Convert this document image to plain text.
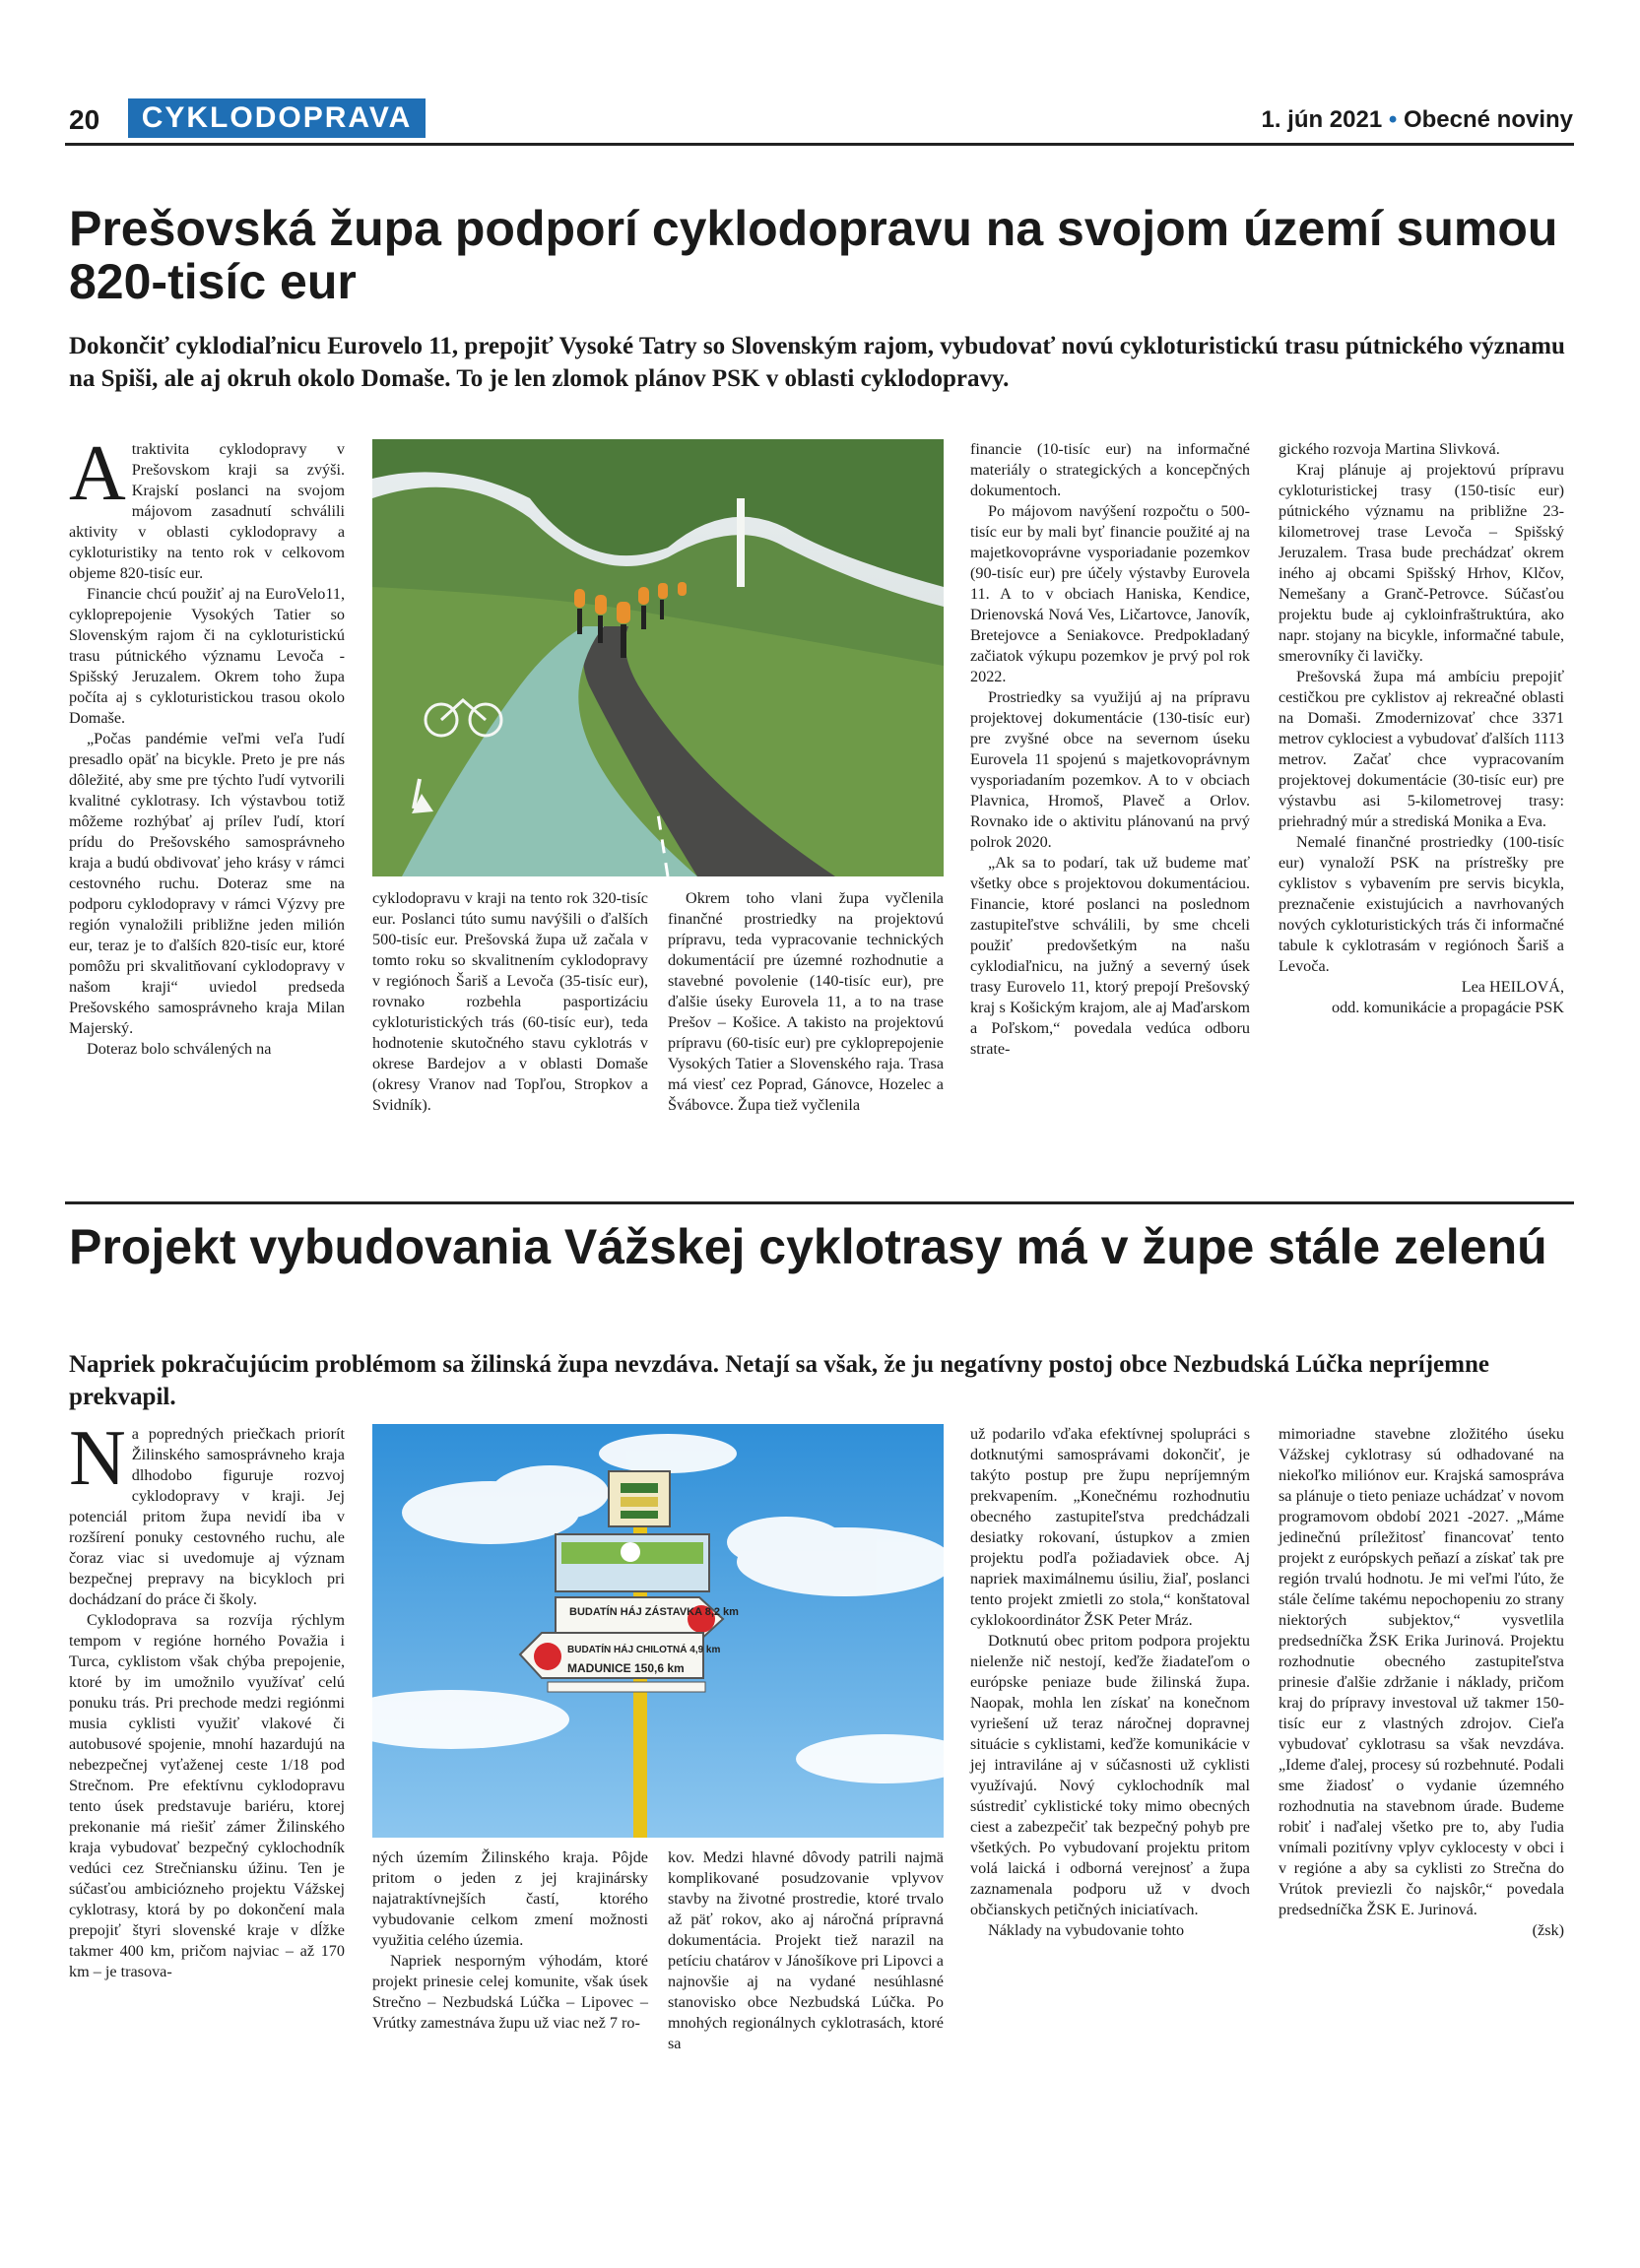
20	CYKLODOPRAVA	1. jún 2021 • Obecné noviny
Prešovská župa podporí cyklodopravu na svojom území sumou 820-tisíc eur

Dokončiť cyklodiaľnicu Eurovelo 11, prepojiť Vysoké Tatry so Slovenským rajom, vybudovať novú cykloturistickú trasu pútnického významu na Spiši, ale aj okruh okolo Domaše. To je len zlomok plánov PSK v oblasti cyklodopravy.

Atraktivita cyklodopravy v Prešovskom kraji sa zvýši. Krajskí poslanci na svojom májovom zasadnutí schválili aktivity v oblasti cyklodopravy a cykloturistiky na tento rok v celkovom objeme 820-tisíc eur.

Financie chcú použiť aj na EuroVelo11, cykloprepojenie Vysokých Tatier so Slovenským rajom či na cykloturistickú trasu pútnického významu Levoča - Spišský Jeruzalem. Okrem toho župa počíta aj s cykloturistickou trasou okolo Domaše.

„Počas pandémie veľmi veľa ľudí presadlo opäť na bicykle. Preto je pre nás dôležité, aby sme pre týchto ľudí vytvorili kvalitné cyklotrasy. Ich výstavbou totiž môžeme rozhýbať aj prílev ľudí, ktorí prídu do Prešovského samosprávneho kraja a budú obdivovať jeho krásy v rámci cestovného ruchu. Doteraz sme na podporu cyklodopravy v rámci Výzvy pre región vynaložili približne jeden milión eur, teraz je to ďalších 820-tisíc eur, ktoré pomôžu pri skvalitňovaní cyklodopravy v našom kraji“ uviedol predseda Prešovského samosprávneho kraja Milan Majerský.

Doteraz bolo schválených na

cyklodopravu v kraji na tento rok 320-tisíc eur. Poslanci túto sumu navýšili o ďalších 500-tisíc eur. Prešovská župa už začala v tomto roku so skvalitnením cyklodopravy v regiónoch Šariš a Levoča (35-tisíc eur), rovnako rozbehla pasportizáciu cykloturistických trás (60-tisíc eur), teda hodnotenie skutočného stavu cyklotrás v okrese Bardejov a v oblasti Domaše (okresy Vranov nad Topľou, Stropkov a Svidník).

Okrem toho vlani župa vyčlenila finančné prostriedky na projektovú prípravu, teda vypracovanie technických dokumentácií pre územné rozhodnutie a stavebné povolenie (140-tisíc eur), pre ďalšie úseky Eurovela 11, a to na trase Prešov – Košice. A takisto na projektovú prípravu (60-tisíc eur) pre cykloprepojenie Vysokých Tatier a Slovenského raja. Trasa má viesť cez Poprad, Gánovce, Hozelec a Švábovce. Župa tiež vyčlenila

financie (10-tisíc eur) na informačné materiály o strategických a koncepčných dokumentoch.

Po májovom navýšení rozpočtu o 500-tisíc eur by mali byť financie použité aj na majetkovoprávne vysporiadanie pozemkov (90-tisíc eur) pre účely výstavby Eurovela 11. A to v obciach Haniska, Kendice, Drienovská Nová Ves, Ličartovce, Janovík, Bretejovce a Seniakovce. Predpokladaný začiatok výkupu pozemkov je prvý pol rok 2022.

Prostriedky sa využijú aj na prípravu projektovej dokumentácie (130-tisíc eur) pre zvyšné obce na severnom úseku Eurovela 11 spojenú s majetkovoprávnym vysporiadaním pozemkov. A to v obciach Plavnica, Hromoš, Plaveč a Orlov. Rovnako ide o aktivitu plánovanú na prvý polrok 2020.

„Ak sa to podarí, tak už budeme mať všetky obce s projektovou dokumentáciou. Financie, ktoré poslanci na poslednom zastupiteľstve schválili, by sme chceli použiť predovšetkým na našu cyklodiaľnicu, na južný a severný úsek trasy Eurovelo 11, ktorý prepojí Prešovský kraj s Košickým krajom, ale aj Maďarskom a Poľskom,“ povedala vedúca odboru strate-

gického rozvoja Martina Slivková.

Kraj plánuje aj projektovú prípravu cykloturistickej trasy (150-tisíc eur) pútnického významu na približne 23-kilometrovej trase Levoča – Spišský Jeruzalem. Trasa bude prechádzať okrem iného aj obcami Spišský Hrhov, Klčov, Nemešany a Granč-Petrovce. Súčasťou projektu bude aj cykloinfraštruktúra, ako napr. stojany na bicykle, informačné tabule, smerovníky či lavičky.

Prešovská župa má ambíciu prepojiť cestičkou pre cyklistov aj rekreačné oblasti na Domaši. Zmodernizovať chce 3371 metrov cyklociest a vybudovať ďalších 1113 metrov. Začať chce vypracovaním projektovej dokumentácie (30-tisíc eur) pre výstavbu asi 5-kilometrovej trasy: priehradný múr a strediská Monika a Eva.

Nemalé finančné prostriedky (100-tisíc eur) vynaloží PSK na prístrešky pre cyklistov s vybavením pre servis bicykla, preznačenie existujúcich a navrhovaných nových cykloturistických trás či informačné tabule k cyklotrasám v regiónoch Šariš a Levoča.

Lea HEILOVÁ,

odd. komunikácie a propagácie PSK

Projekt vybudovania Vážskej cyklotrasy má v župe stále zelenú

Napriek pokračujúcim problémom sa žilinská župa nevzdáva. Netají sa však, že ju negatívny postoj obce Nezbudská Lúčka nepríjemne prekvapil.

Na popredných priečkach priorít Žilinského samosprávneho kraja dlhodobo figuruje rozvoj cyklodopravy v kraji. Jej potenciál pritom župa nevidí iba v rozšírení ponuky cestovného ruchu, ale čoraz viac si uvedomuje aj význam bezpečnej prepravy na bicykloch pri dochádzaní do práce či školy.

Cyklodoprava sa rozvíja rýchlym tempom v regióne horného Považia i Turca, cyklistom však chýba prepojenie, ktoré by im umožnilo využívať celú ponuku trás. Pri prechode medzi regiónmi musia cyklisti využiť vlakové či autobusové spojenie, mnohí hazardujú na nebezpečnej vyťaženej ceste 1/18 pod Strečnom. Pre efektívnu cyklodopravu tento úsek predstavuje bariéru, ktorej prekonanie má riešiť zámer Žilinského kraja vybudovať bezpečný cyklochodník vedúci cez Strečniansku úžinu. Ten je súčasťou ambiciózneho projektu Vážskej cyklotrasy, ktorá by po dokončení mala prepojiť štyri slovenské kraje v dĺžke takmer 400 km, pričom najviac – až 170 km – je trasova-

BUDATÍN HÁJ ZÁSTAVKA 8,2 km
BUDATÍN HÁJ CHILOTNÁ 4,9 km
MADUNICE 150,6 km

ných územím Žilinského kraja. Pôjde pritom o jeden z jej krajinársky najatraktívnejších častí, ktorého vybudovanie celkom zmení možnosti využitia celého územia.

Napriek nesporným výhodám, ktoré projekt prinesie celej komunite, však úsek Strečno – Nezbudská Lúčka – Lipovec – Vrútky zamestnáva župu už viac než 7 ro-

kov. Medzi hlavné dôvody patrili najmä komplikované posudzovanie vplyvov stavby na životné prostredie, ktoré trvalo až päť rokov, ako aj náročná prípravná dokumentácia. Projekt tiež narazil na petíciu chatárov v Jánošíkove pri Lipovci a najnovšie aj na vydané nesúhlasné stanovisko obce Nezbudská Lúčka. Po mnohých regionálnych cyklotrasách, ktoré sa

už podarilo vďaka efektívnej spolupráci s dotknutými samosprávami dokončiť, je takýto postup pre župu nepríjemným prekvapením. „Konečnému rozhodnutiu obecného zastupiteľstva predchádzali desiatky rokovaní, ústupkov a zmien projektu podľa požiadaviek obce. Aj napriek maximálnemu úsiliu, žiaľ, poslanci tento projekt zmietli zo stola,“ konštatoval cyklokoordinátor ŽSK Peter Mráz.

Dotknutú obec pritom podpora projektu nielenže nič nestojí, keďže žiadateľom o európske peniaze bude žilinská župa. Naopak, mohla len získať na konečnom vyriešení už teraz náročnej dopravnej situácie s cyklistami, keďže komunikácie v jej intraviláne aj v súčasnosti už cyklisti využívajú. Nový cyklochodník mal sústrediť cyklistické toky mimo obecných ciest a zabezpečiť tak bezpečný pohyb pre všetkých. Po vybudovaní projektu pritom volá laická i odborná verejnosť a župa zaznamenala podporu už v dvoch občianskych petičných iniciatívach.

Náklady na vybudovanie tohto

mimoriadne stavebne zložitého úseku Vážskej cyklotrasy sú odhadované na niekoľko miliónov eur. Krajská samospráva sa plánuje o tieto peniaze uchádzať v novom programovom období 2021 -2027. „Máme jedinečnú príležitosť financovať tento projekt z európskych peňazí a získať tak pre región trvalú hodnotu. Je mi veľmi ľúto, že stále čelíme takému nepochopeniu zo strany niektorých subjektov,“ vysvetlila predsedníčka ŽSK Erika Jurinová. Projektu rozhodnutie obecného zastupiteľstva prinesie ďalšie zdržanie i náklady, pričom kraj do prípravy investoval už takmer 150-tisíc eur z vlastných zdrojov. Cieľa vybudovať cyklotrasu sa však nevzdáva. „Ideme ďalej, procesy sú rozbehnuté. Podali sme žiadosť o vydanie územného rozhodnutia na stavebnom úrade. Budeme robiť i naďalej všetko pre to, aby ľudia vnímali pozitívny vplyv cyklocesty v obci i v regióne a aby sa cyklisti zo Strečna do Vrútok previezli čo najskôr,“ povedala predsedníčka ŽSK E. Jurinová.

(žsk)
